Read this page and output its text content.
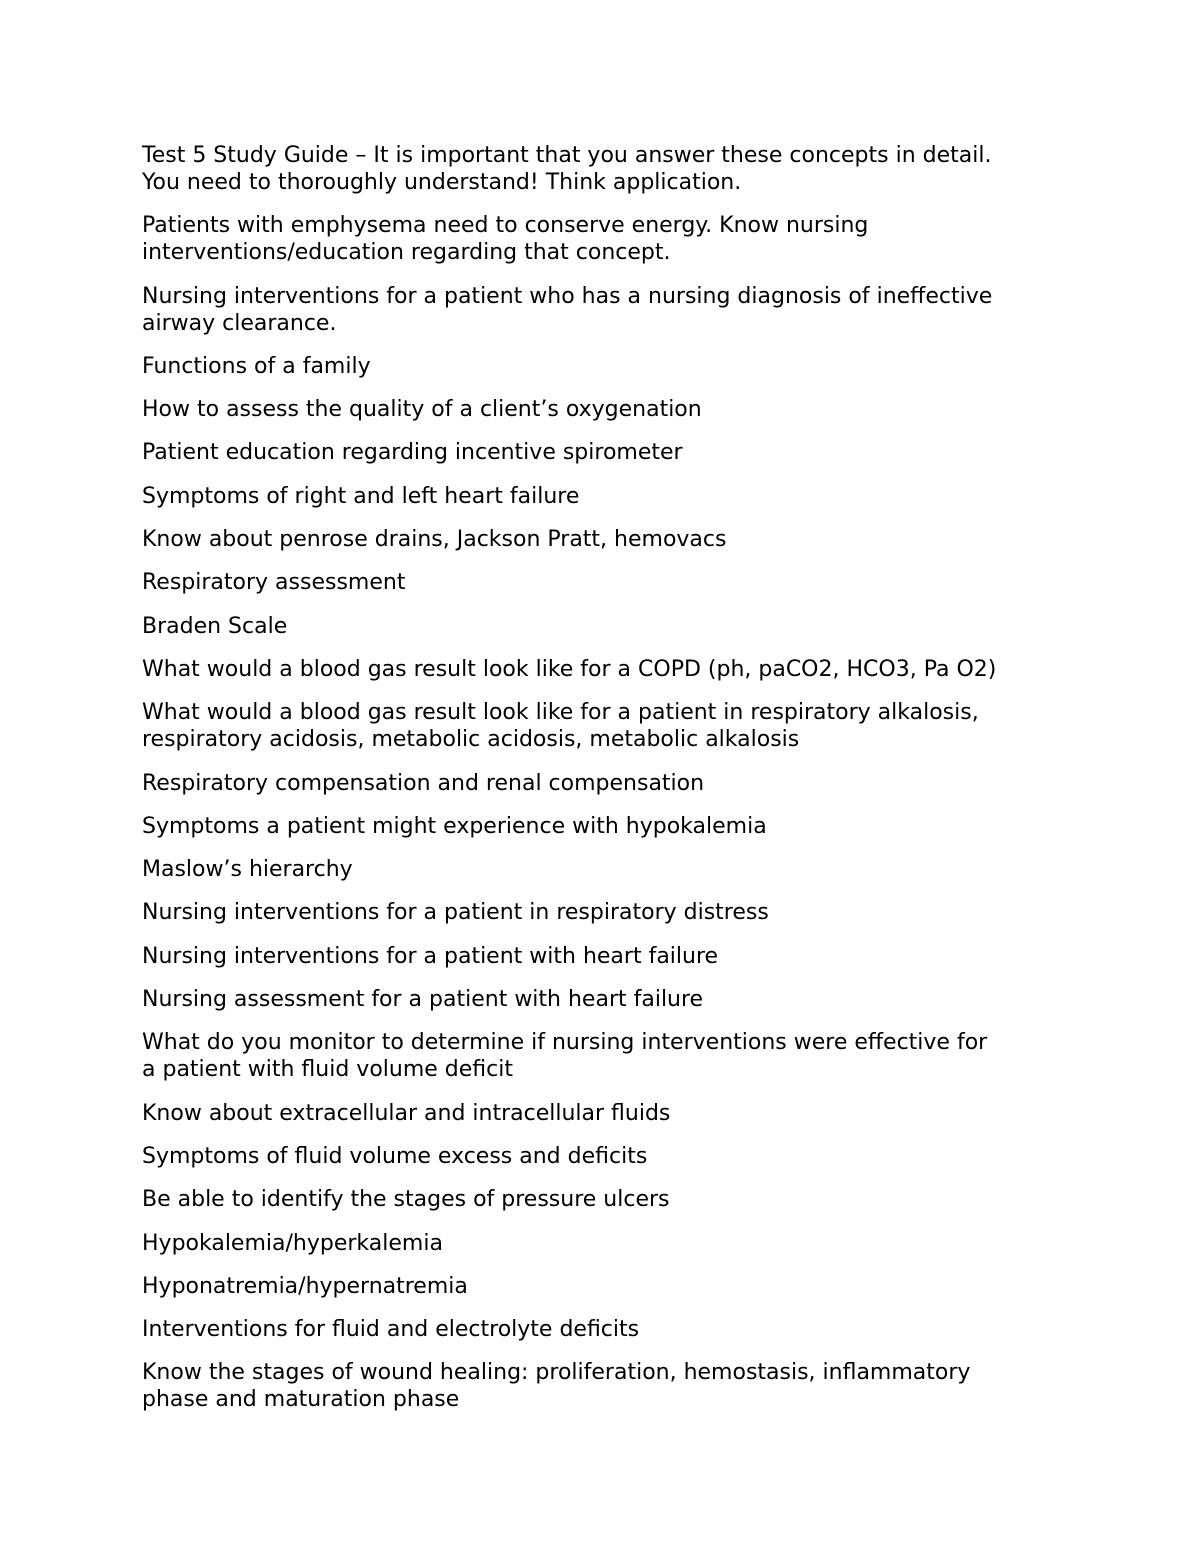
Test 5 Study Guide – It is important that you answer these concepts in detail.
You need to thoroughly understand! Think application.

Patients with emphysema need to conserve energy. Know nursing
interventions/education regarding that concept.

Nursing interventions for a patient who has a nursing diagnosis of ineffective
airway clearance.

Functions of a family

How to assess the quality of a client’s oxygenation

Patient education regarding incentive spirometer

Symptoms of right and left heart failure

Know about penrose drains, Jackson Pratt, hemovacs

Respiratory assessment

Braden Scale

What would a blood gas result look like for a COPD (ph, paCO2, HCO3, Pa O2)

What would a blood gas result look like for a patient in respiratory alkalosis,
respiratory acidosis, metabolic acidosis, metabolic alkalosis

Respiratory compensation and renal compensation

Symptoms a patient might experience with hypokalemia

Maslow’s hierarchy

Nursing interventions for a patient in respiratory distress

Nursing interventions for a patient with heart failure

Nursing assessment for a patient with heart failure

What do you monitor to determine if nursing interventions were effective for
a patient with fluid volume deficit

Know about extracellular and intracellular fluids

Symptoms of fluid volume excess and deficits

Be able to identify the stages of pressure ulcers

Hypokalemia/hyperkalemia

Hyponatremia/hypernatremia

Interventions for fluid and electrolyte deficits

Know the stages of wound healing: proliferation, hemostasis, inflammatory
phase and maturation phase
